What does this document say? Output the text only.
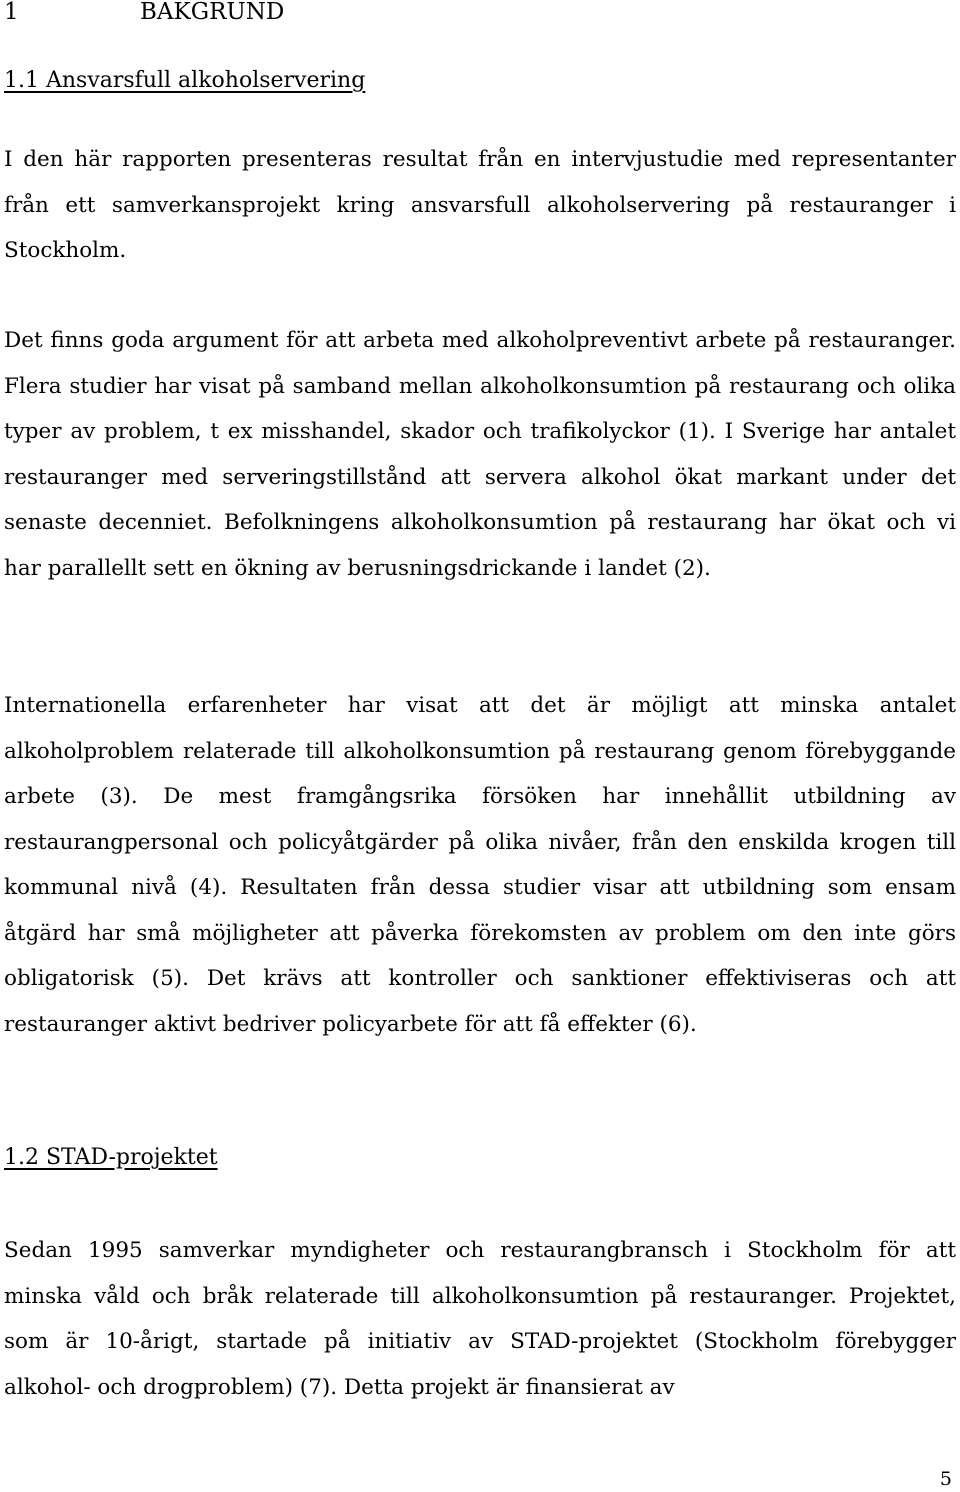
1	BAKGRUND
1.1 Ansvarsfull alkoholservering

I den här rapporten presenteras resultat från en intervjustudie med representanter från ett samverkansprojekt kring ansvarsfull alkoholservering på restauranger i Stockholm.

Det finns goda argument för att arbeta med alkoholpreventivt arbete på restauranger. Flera studier har visat på samband mellan alkoholkonsumtion på restaurang och olika typer av problem, t ex misshandel, skador och trafikolyckor (1). I Sverige har antalet restauranger med serveringstillstånd att servera alkohol ökat markant under det senaste decenniet. Befolkningens alkoholkonsumtion på restaurang har ökat och vi har parallellt sett en ökning av berusningsdrickande i landet (2).

Internationella erfarenheter har visat att det är möjligt att minska antalet alkoholproblem relaterade till alkoholkonsumtion på restaurang genom förebyggande arbete (3). De mest framgångsrika försöken har innehållit utbildning av restaurangpersonal och policyåtgärder på olika nivåer, från den enskilda krogen till kommunal nivå (4). Resultaten från dessa studier visar att utbildning som ensam åtgärd har små möjligheter att påverka förekomsten av problem om den inte görs obligatorisk (5). Det krävs att kontroller och sanktioner effektiviseras och att restauranger aktivt bedriver policyarbete för att få effekter (6).

1.2 STAD-projektet

Sedan 1995 samverkar myndigheter och restaurangbransch i Stockholm för att minska våld och bråk relaterade till alkoholkonsumtion på restauranger. Projektet, som är 10-årigt, startade på initiativ av STAD-projektet (Stockholm förebygger alkohol- och drogproblem) (7). Detta projekt är finansierat av

5
